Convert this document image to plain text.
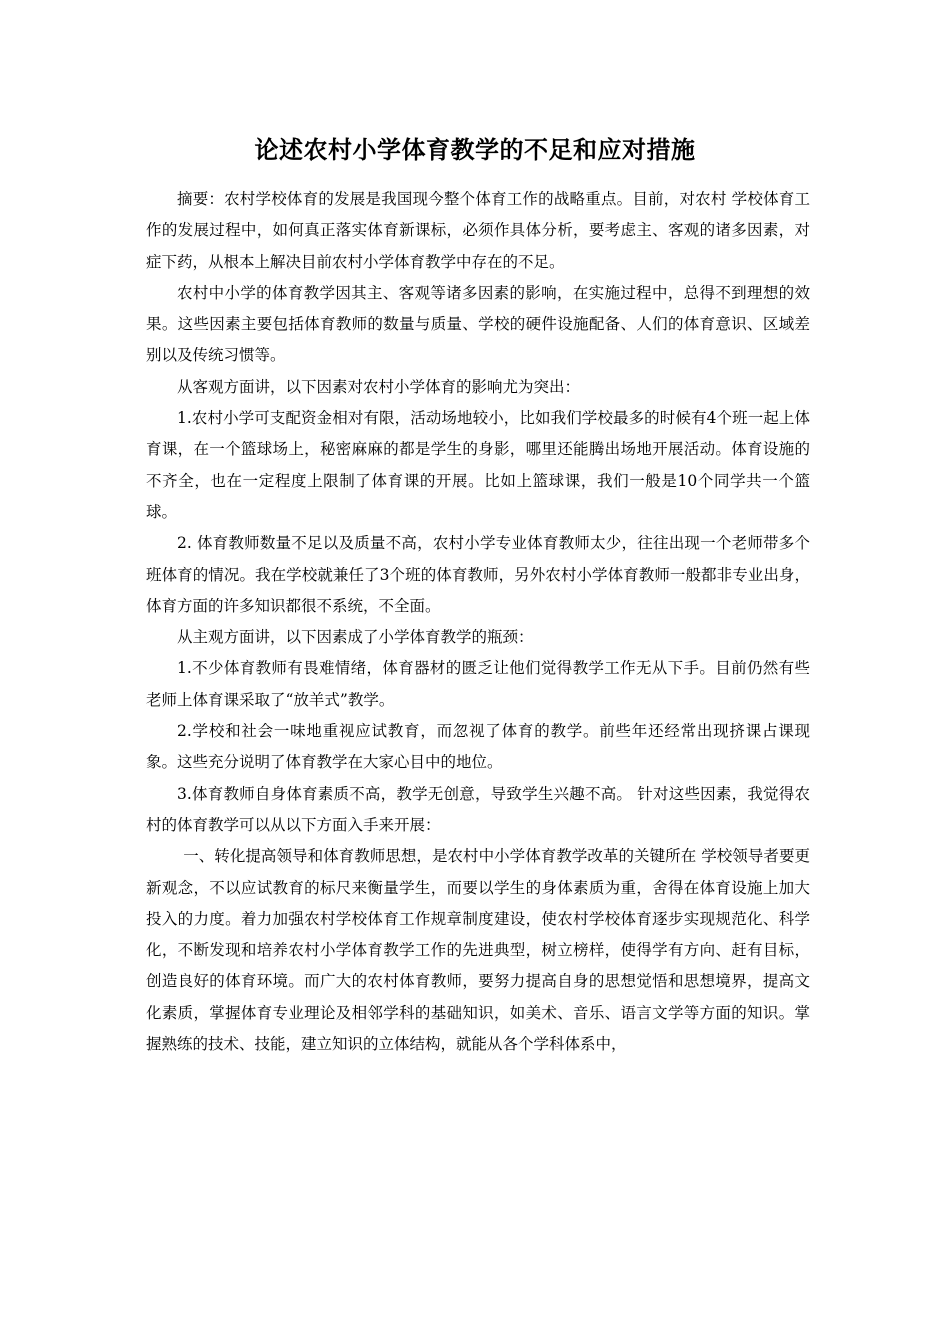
论述农村小学体育教学的不足和应对措施

摘要：农村学校体育的发展是我国现今整个体育工作的战略重点。目前，对农村 学校体育工作的发展过程中，如何真正落实体育新课标，必须作具体分析，要考虑主、客观的诸多因素，对症下药，从根本上解决目前农村小学体育教学中存在的不足。

农村中小学的体育教学因其主、客观等诸多因素的影响，在实施过程中，总得不到理想的效果。这些因素主要包括体育教师的数量与质量、学校的硬件设施配备、人们的体育意识、区域差别以及传统习惯等。

从客观方面讲，以下因素对农村小学体育的影响尤为突出：

1.农村小学可支配资金相对有限，活动场地较小，比如我们学校最多的时候有4个班一起上体育课，在一个篮球场上，秘密麻麻的都是学生的身影，哪里还能腾出场地开展活动。体育设施的不齐全，也在一定程度上限制了体育课的开展。比如上篮球课，我们一般是10个同学共一个篮球。

2. 体育教师数量不足以及质量不高，农村小学专业体育教师太少，往往出现一个老师带多个班体育的情况。我在学校就兼任了3个班的体育教师，另外农村小学体育教师一般都非专业出身，体育方面的许多知识都很不系统，不全面。

从主观方面讲，以下因素成了小学体育教学的瓶颈：

1.不少体育教师有畏难情绪，体育器材的匮乏让他们觉得教学工作无从下手。目前仍然有些老师上体育课采取了“放羊式”教学。

2.学校和社会一味地重视应试教育，而忽视了体育的教学。前些年还经常出现挤课占课现象。这些充分说明了体育教学在大家心目中的地位。

3.体育教师自身体育素质不高，教学无创意，导致学生兴趣不高。 针对这些因素，我觉得农村的体育教学可以从以下方面入手来开展：

一、转化提高领导和体育教师思想，是农村中小学体育教学改革的关键所在 学校领导者要更新观念，不以应试教育的标尺来衡量学生，而要以学生的身体素质为重，舍得在体育设施上加大投入的力度。着力加强农村学校体育工作规章制度建设，使农村学校体育逐步实现规范化、科学化，不断发现和培养农村小学体育教学工作的先进典型，树立榜样，使得学有方向、赶有目标，创造良好的体育环境。而广大的农村体育教师，要努力提高自身的思想觉悟和思想境界，提高文化素质，掌握体育专业理论及相邻学科的基础知识，如美术、音乐、语言文学等方面的知识。掌握熟练的技术、技能，建立知识的立体结构，就能从各个学科体系中，
